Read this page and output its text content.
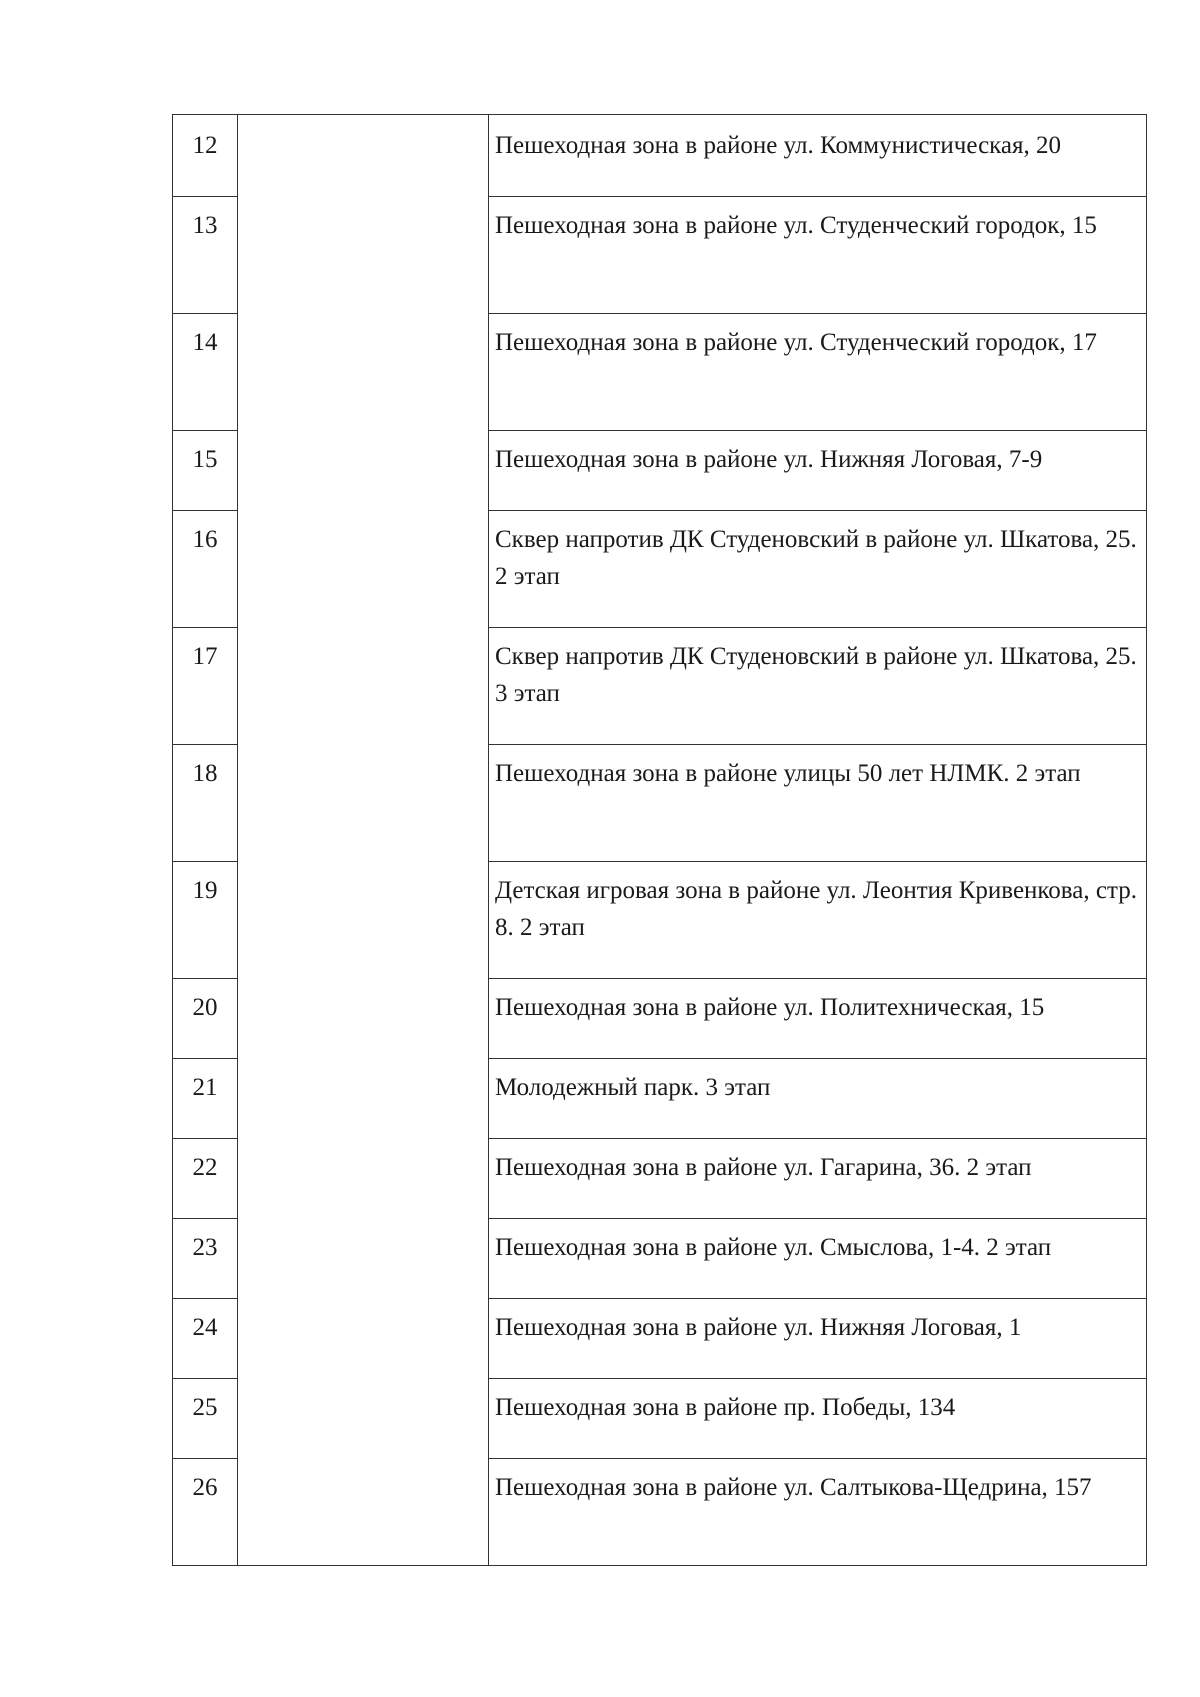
12	Пешеходная зона в районе ул. Коммунистическая, 20
13	Пешеходная зона в районе ул. Студенческий городок, 15
14	Пешеходная зона в районе ул. Студенческий городок, 17
15	Пешеходная зона в районе ул. Нижняя Логовая, 7-9
16	Сквер напротив ДК Студеновский в районе ул. Шкатова, 25. 2 этап
17	Сквер напротив ДК Студеновский в районе ул. Шкатова, 25. 3 этап
18	Пешеходная зона в районе улицы 50 лет НЛМК. 2 этап
19	Детская игровая зона в районе ул. Леонтия Кривенкова, стр. 8. 2 этап
20	Пешеходная зона в районе ул. Политехническая, 15
21	Молодежный парк. 3 этап
22	Пешеходная зона в районе ул. Гагарина, 36. 2 этап
23	Пешеходная зона в районе ул. Смыслова, 1-4. 2 этап
24	Пешеходная зона в районе ул. Нижняя Логовая, 1
25	Пешеходная зона в районе пр. Победы, 134
26	Пешеходная зона в районе ул. Салтыкова-Щедрина, 157
